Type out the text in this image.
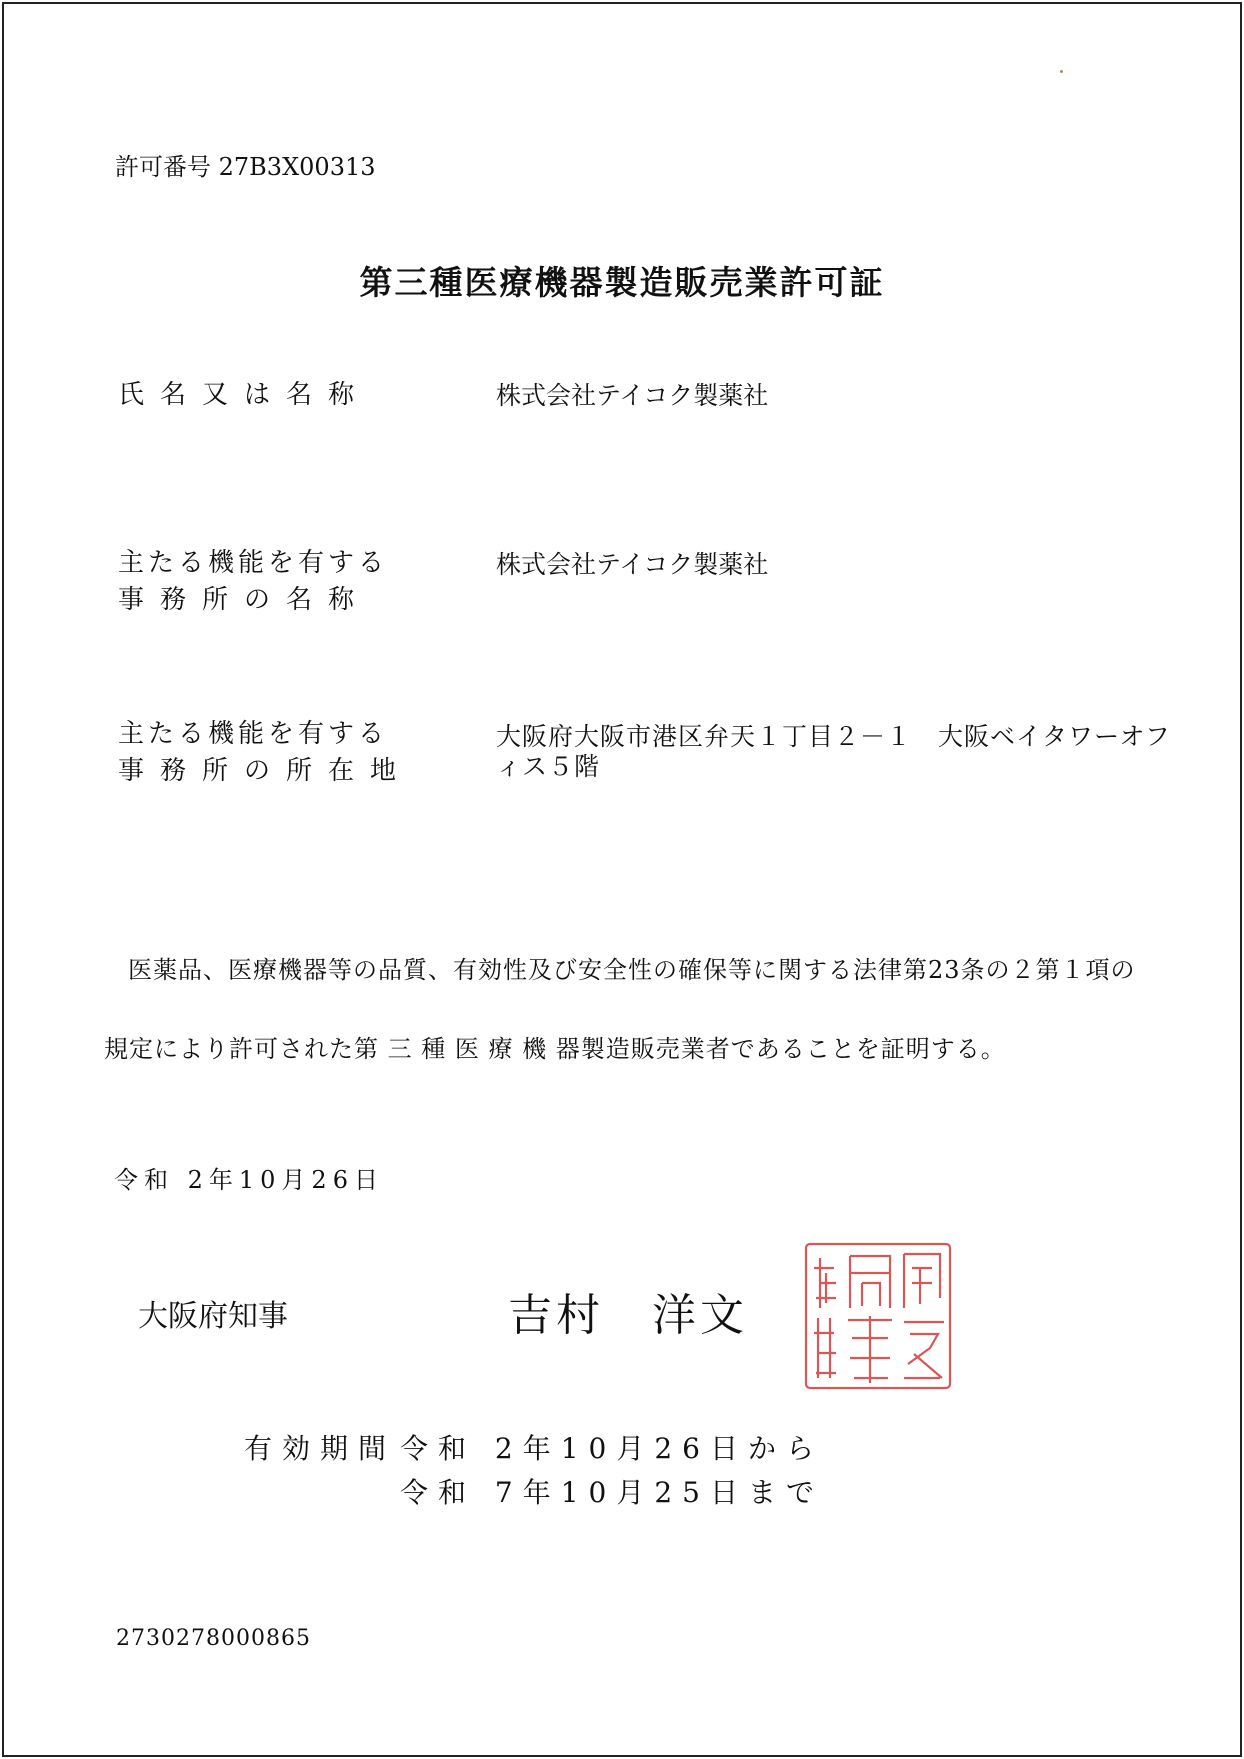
許可番号 27B3X00313
第三種医療機器製造販売業許可証
氏名又は名称	株式会社テイコク製薬社
主たる機能を有する
事務所の名称
株式会社テイコク製薬社
主たる機能を有する
事務所の所在地
大阪府大阪市港区弁天１丁目２－１　大阪ベイタワーオフィス５階
医薬品、医療機器等の品質、有効性及び安全性の確保等に関する法律第23条の２第１項の
規定により許可された第 三 種 医 療 機 器製造販売業者であることを証明する。
令和 2年10月26日
大阪府知事	吉村　洋文
有効期間 令和 2年10月26日から
令和 7年10月25日まで
2730278000865
